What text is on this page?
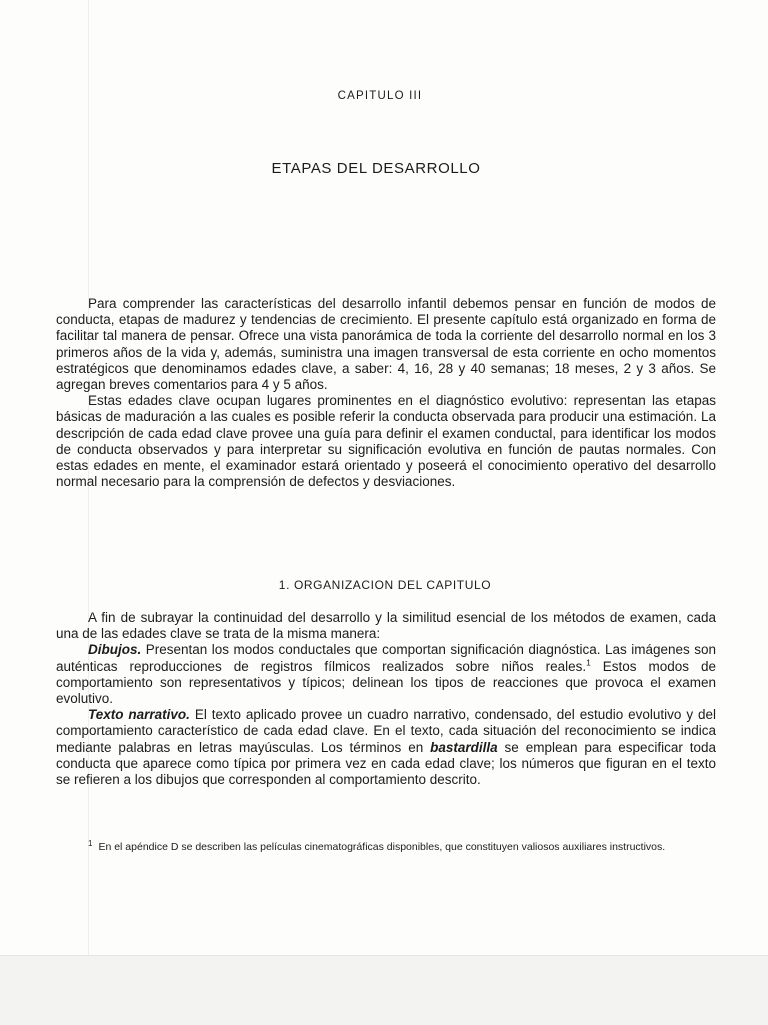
CAPITULO III
ETAPAS DEL DESARROLLO

Para comprender las características del desarrollo infantil debemos pensar en función de modos de conducta, etapas de madurez y tendencias de crecimiento. El presente capítulo está organizado en forma de facilitar tal manera de pensar. Ofrece una vista panorámica de toda la corriente del desarrollo normal en los 3 primeros años de la vida y, además, suministra una imagen transversal de esta corriente en ocho momentos estratégicos que denominamos edades clave, a saber: 4, 16, 28 y 40 semanas; 18 meses, 2 y 3 años. Se agregan breves comentarios para 4 y 5 años.

Estas edades clave ocupan lugares prominentes en el diagnóstico evolutivo: representan las etapas básicas de maduración a las cuales es posible referir la conducta observada para producir una estimación. La descripción de cada edad clave provee una guía para definir el examen conductal, para identificar los modos de conducta observados y para interpretar su significación evolutiva en función de pautas normales. Con estas edades en mente, el examinador estará orientado y poseerá el conocimiento operativo del desarrollo normal necesario para la comprensión de defectos y desviaciones.

1. ORGANIZACION DEL CAPITULO

A fin de subrayar la continuidad del desarrollo y la similitud esencial de los métodos de examen, cada una de las edades clave se trata de la misma manera:

Dibujos. Presentan los modos conductales que comportan significación diagnóstica. Las imágenes son auténticas reproducciones de registros fílmicos realizados sobre niños reales.$^1$ Estos modos de comportamiento son representativos y típicos; delinean los tipos de reacciones que provoca el examen evolutivo.

Texto narrativo. El texto aplicado provee un cuadro narrativo, condensado, del estudio evolutivo y del comportamiento característico de cada edad clave. En el texto, cada situación del reconocimiento se indica mediante palabras en letras mayúsculas. Los términos en bastardilla se emplean para especificar toda conducta que aparece como típica por primera vez en cada edad clave; los números que figuran en el texto se refieren a los dibujos que corresponden al comportamiento descrito.

$^1$ En el apéndice D se describen las películas cinematográficas disponibles, que constituyen valiosos auxiliares instructivos.
